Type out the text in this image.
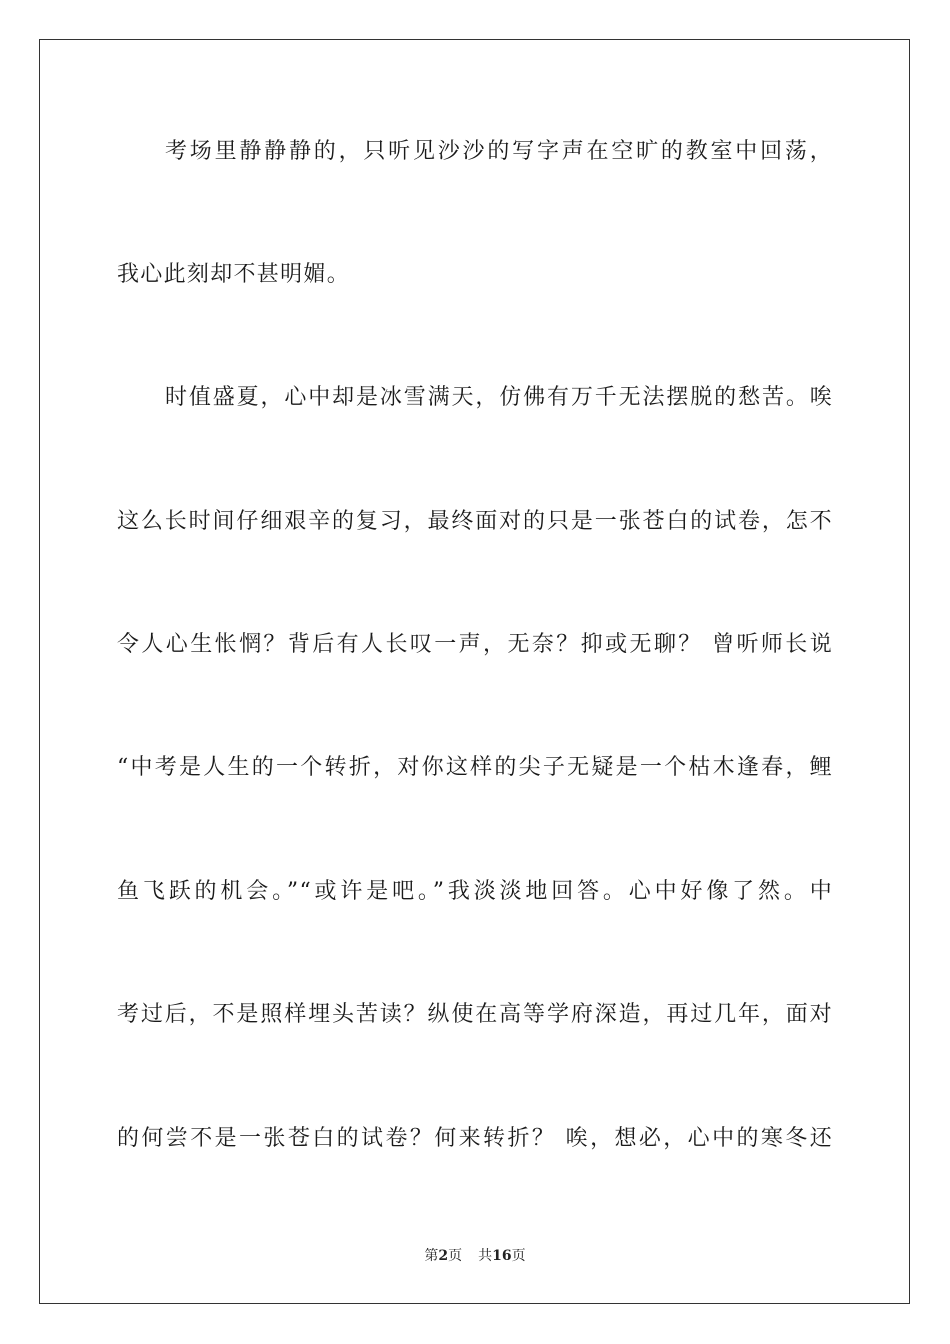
考场里静静静的，只听见沙沙的写字声在空旷的教室中回荡，
我心此刻却不甚明媚。
时值盛夏，心中却是冰雪满天，仿佛有万千无法摆脱的愁苦。唉
这么长时间仔细艰辛的复习，最终面对的只是一张苍白的试卷，怎不
令人心生怅惘？背后有人长叹一声，无奈？抑或无聊？ 曾听师长说
“中考是人生的一个转折，对你这样的尖子无疑是一个枯木逢春，鲤
鱼飞跃的机会。”“或许是吧。”我淡淡地回答。心中好像了然。中
考过后，不是照样埋头苦读？纵使在高等学府深造，再过几年，面对
的何尝不是一张苍白的试卷？何来转折？ 唉，想必，心中的寒冬还
第2页 共16页
